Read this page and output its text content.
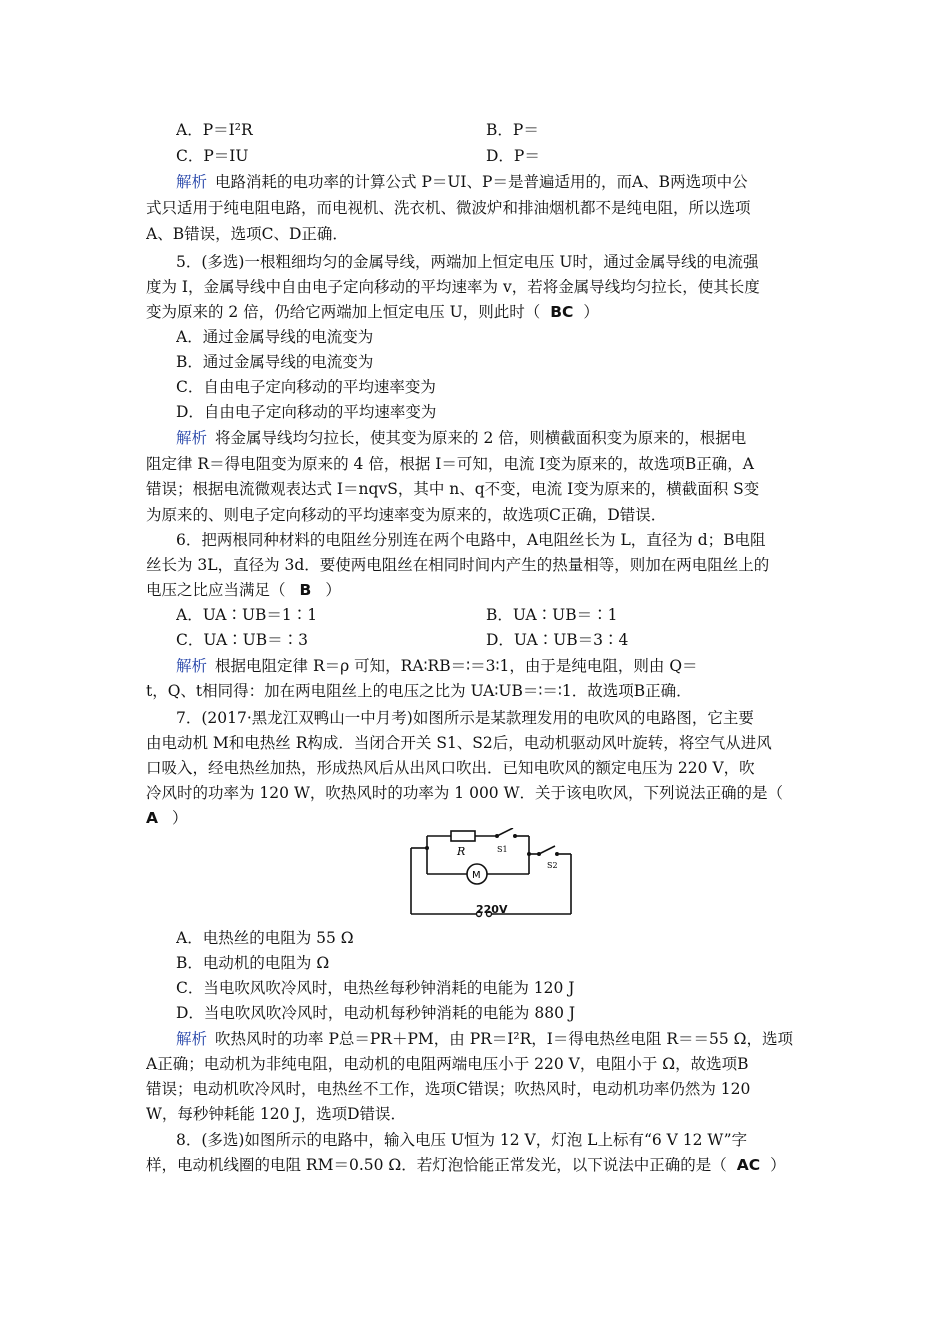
A．P＝I²R	B．P＝
C．P＝IU	D．P＝
解析 电路消耗的电功率的计算公式 P＝UI、P＝是普遍适用的，而A、B两选项中公
式只适用于纯电阻电路，而电视机、洗衣机、微波炉和排油烟机都不是纯电阻，所以选项
A、B错误，选项C、D正确．
5．(多选)一根粗细均匀的金属导线，两端加上恒定电压 U时，通过金属导线的电流强
度为 I，金属导线中自由电子定向移动的平均速率为 v，若将金属导线均匀拉长，使其长度
变为原来的 2 倍，仍给它两端加上恒定电压 U，则此时（ BC ）
A．通过金属导线的电流变为
B．通过金属导线的电流变为
C．自由电子定向移动的平均速率变为
D．自由电子定向移动的平均速率变为
解析 将金属导线均匀拉长，使其变为原来的 2 倍，则横截面积变为原来的，根据电
阻定律 R＝得电阻变为原来的 4 倍，根据 I＝可知，电流 I变为原来的，故选项B正确，A
错误；根据电流微观表达式 I＝nqvS，其中 n、q不变，电流 I变为原来的，横截面积 S变
为原来的、则电子定向移动的平均速率变为原来的，故选项C正确，D错误．
6．把两根同种材料的电阻丝分别连在两个电路中，A电阻丝长为 L，直径为 d；B电阻
丝长为 3L，直径为 3d．要使两电阻丝在相同时间内产生的热量相等，则加在两电阻丝上的
电压之比应当满足（ B ）
A．UA∶UB＝1∶1	B．UA∶UB＝∶1
C．UA∶UB＝∶3	D．UA∶UB＝3∶4
解析 根据电阻定律 R＝ρ 可知，RA∶RB＝∶＝3∶1，由于是纯电阻，则由 Q＝
t，Q、t相同得：加在两电阻丝上的电压之比为 UA∶UB＝∶＝∶1．故选项B正确．
7．(2017·黑龙江双鸭山一中月考)如图所示是某款理发用的电吹风的电路图，它主要
由电动机 M和电热丝 R构成．当闭合开关 S1、S2后，电动机驱动风叶旋转，将空气从进风
口吸入，经电热丝加热，形成热风后从出风口吹出．已知电吹风的额定电压为 220 V，吹
冷风时的功率为 120 W，吹热风时的功率为 1 000 W．关于该电吹风，下列说法正确的是（
A ）
R	S1
S2
M
220V
A．电热丝的电阻为 55 Ω
B．电动机的电阻为 Ω
C．当电吹风吹冷风时，电热丝每秒钟消耗的电能为 120 J
D．当电吹风吹冷风时，电动机每秒钟消耗的电能为 880 J
解析 吹热风时的功率 P总＝PR＋PM，由 PR＝I²R，I＝得电热丝电阻 R＝＝55 Ω，选项
A正确；电动机为非纯电阻，电动机的电阻两端电压小于 220 V，电阻小于 Ω，故选项B
错误；电动机吹冷风时，电热丝不工作，选项C错误；吹热风时，电动机功率仍然为 120
W，每秒钟耗能 120 J，选项D错误．
8．(多选)如图所示的电路中，输入电压 U恒为 12 V，灯泡 L上标有“6 V 12 W”字
样，电动机线圈的电阻 RM＝0.50 Ω．若灯泡恰能正常发光，以下说法中正确的是（ AC ）
